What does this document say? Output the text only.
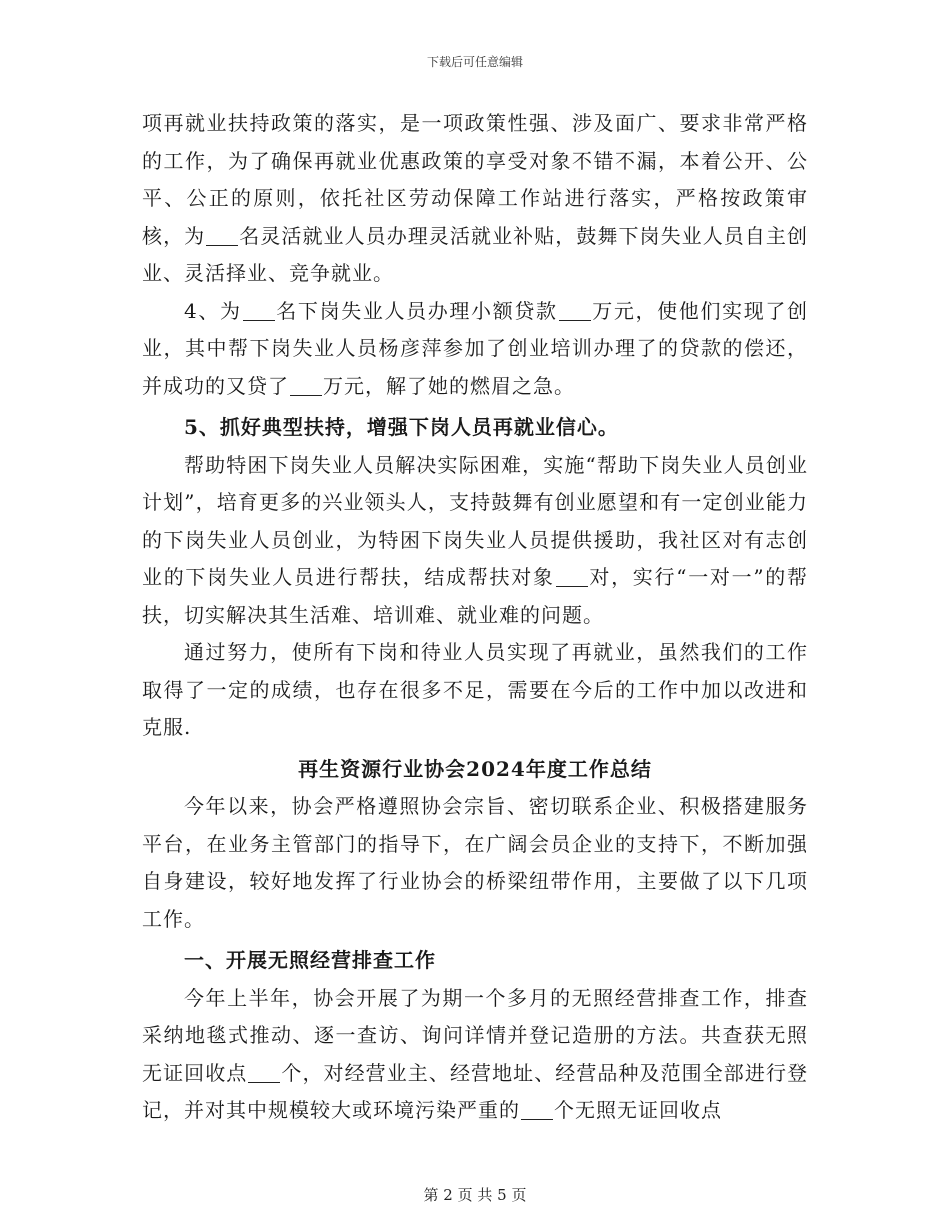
下载后可任意编辑

项再就业扶持政策的落实，是一项政策性强、涉及面广、要求非常严格的工作，为了确保再就业优惠政策的享受对象不错不漏，本着公开、公平、公正的原则，依托社区劳动保障工作站进行落实，严格按政策审核，为 名灵活就业人员办理灵活就业补贴，鼓舞下岗失业人员自主创业、灵活择业、竞争就业。

4、为 名下岗失业人员办理小额贷款 万元，使他们实现了创业，其中帮下岗失业人员杨彦萍参加了创业培训办理了的贷款的偿还，并成功的又贷了 万元，解了她的燃眉之急。

5、抓好典型扶持，增强下岗人员再就业信心。

帮助特困下岗失业人员解决实际困难，实施“帮助下岗失业人员创业计划”，培育更多的兴业领头人，支持鼓舞有创业愿望和有一定创业能力的下岗失业人员创业，为特困下岗失业人员提供援助，我社区对有志创业的下岗失业人员进行帮扶，结成帮扶对象 对，实行“一对一”的帮扶，切实解决其生活难、培训难、就业难的问题。

通过努力，使所有下岗和待业人员实现了再就业，虽然我们的工作取得了一定的成绩，也存在很多不足，需要在今后的工作中加以改进和克服.

再生资源行业协会2024年度工作总结

今年以来，协会严格遵照协会宗旨、密切联系企业、积极搭建服务平台，在业务主管部门的指导下，在广阔会员企业的支持下，不断加强自身建设，较好地发挥了行业协会的桥梁纽带作用，主要做了以下几项工作。

一、开展无照经营排查工作

今年上半年，协会开展了为期一个多月的无照经营排查工作，排查采纳地毯式推动、逐一查访、询问详情并登记造册的方法。共查获无照无证回收点 个，对经营业主、经营地址、经营品种及范围全部进行登记，并对其中规模较大或环境污染严重的 个无照无证回收点

第 2 页 共 5 页
